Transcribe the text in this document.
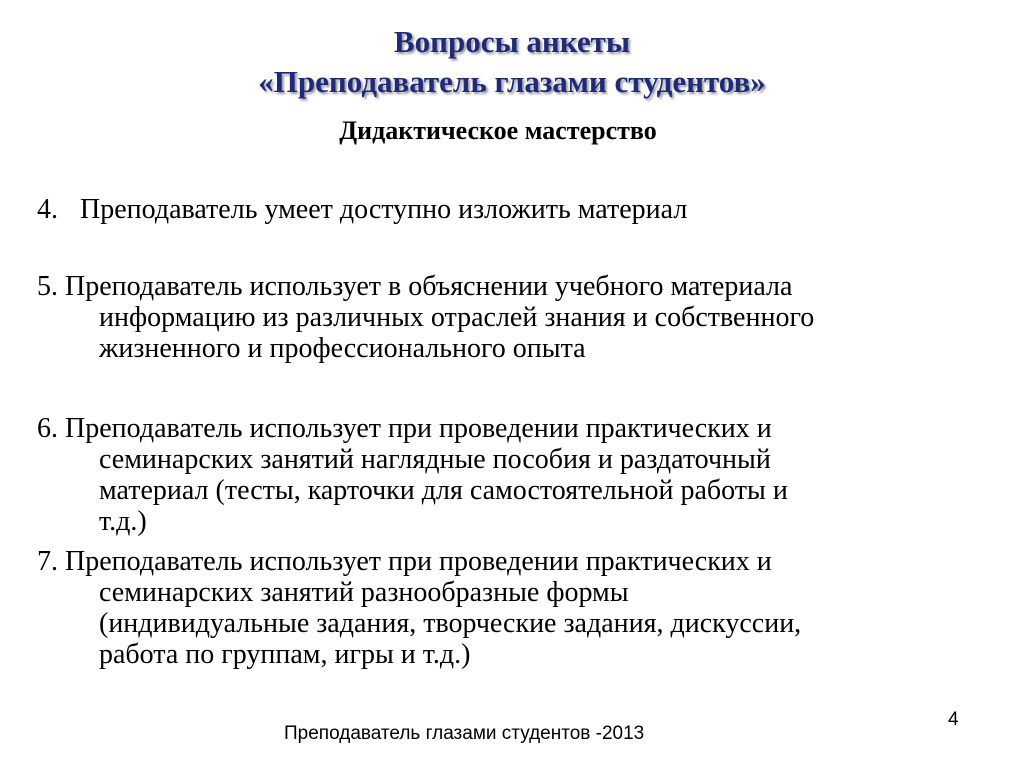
Вопросы анкеты
«Преподаватель глазами студентов»
Дидактическое мастерство
4. Преподаватель умеет доступно изложить материал
5. Преподаватель использует в объяснении учебного материала
информацию из различных отраслей знания и собственного
жизненного и профессионального опыта
6. Преподаватель использует при проведении практических и
семинарских занятий наглядные пособия и раздаточный
материал (тесты, карточки для самостоятельной работы и
т.д.)
7. Преподаватель использует при проведении практических и
семинарских занятий разнообразные формы
(индивидуальные задания, творческие задания, дискуссии,
работа по группам, игры и т.д.)

Преподаватель глазами студентов -2013

4
